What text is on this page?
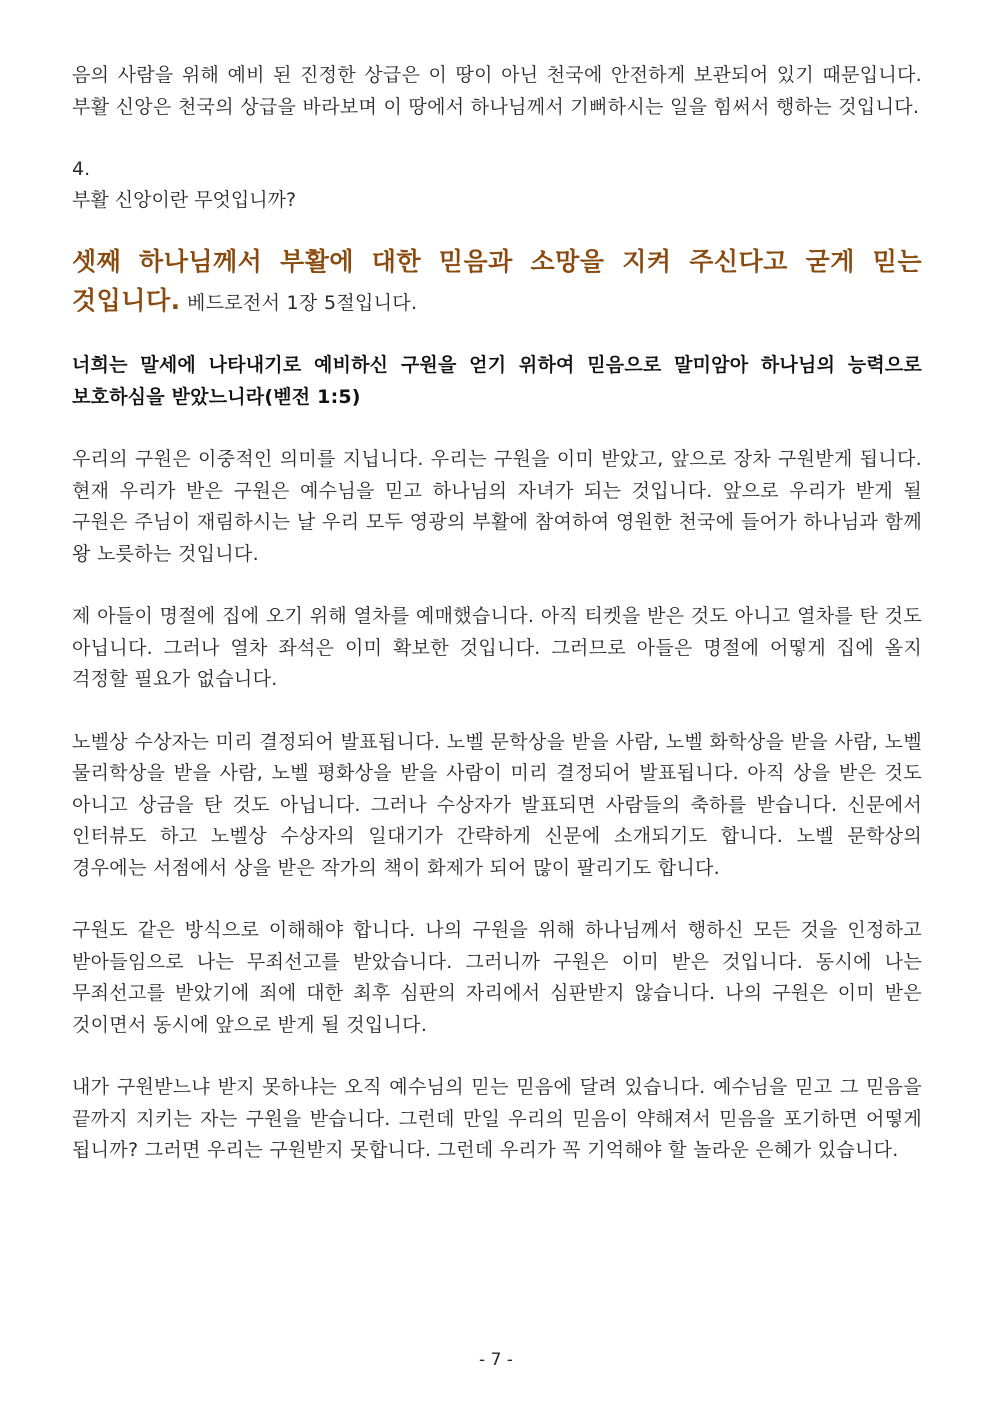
음의 사람을 위해 예비 된 진정한 상급은 이 땅이 아닌 천국에 안전하게 보관되어 있기 때문입니다. 부활 신앙은 천국의 상급을 바라보며 이 땅에서 하나님께서 기뻐하시는 일을 힘써서 행하는 것입니다.

4.

부활 신앙이란 무엇입니까?

셋째 하나님께서 부활에 대한 믿음과 소망을 지켜 주신다고 굳게 믿는 것입니다. 베드로전서 1장 5절입니다.

너희는 말세에 나타내기로 예비하신 구원을 얻기 위하여 믿음으로 말미암아 하나님의 능력으로 보호하심을 받았느니라(벧전 1:5)

우리의 구원은 이중적인 의미를 지닙니다. 우리는 구원을 이미 받았고, 앞으로 장차 구원받게 됩니다. 현재 우리가 받은 구원은 예수님을 믿고 하나님의 자녀가 되는 것입니다. 앞으로 우리가 받게 될 구원은 주님이 재림하시는 날 우리 모두 영광의 부활에 참여하여 영원한 천국에 들어가 하나님과 함께 왕 노릇하는 것입니다.

제 아들이 명절에 집에 오기 위해 열차를 예매했습니다. 아직 티켓을 받은 것도 아니고 열차를 탄 것도 아닙니다. 그러나 열차 좌석은 이미 확보한 것입니다. 그러므로 아들은 명절에 어떻게 집에 올지 걱정할 필요가 없습니다.

노벨상 수상자는 미리 결정되어 발표됩니다. 노벨 문학상을 받을 사람, 노벨 화학상을 받을 사람, 노벨 물리학상을 받을 사람, 노벨 평화상을 받을 사람이 미리 결정되어 발표됩니다. 아직 상을 받은 것도 아니고 상금을 탄 것도 아닙니다. 그러나 수상자가 발표되면 사람들의 축하를 받습니다. 신문에서 인터뷰도 하고 노벨상 수상자의 일대기가 간략하게 신문에 소개되기도 합니다. 노벨 문학상의 경우에는 서점에서 상을 받은 작가의 책이 화제가 되어 많이 팔리기도 합니다.

구원도 같은 방식으로 이해해야 합니다. 나의 구원을 위해 하나님께서 행하신 모든 것을 인정하고 받아들임으로 나는 무죄선고를 받았습니다. 그러니까 구원은 이미 받은 것입니다. 동시에 나는 무죄선고를 받았기에 죄에 대한 최후 심판의 자리에서 심판받지 않습니다. 나의 구원은 이미 받은 것이면서 동시에 앞으로 받게 될 것입니다.

내가 구원받느냐 받지 못하냐는 오직 예수님의 믿는 믿음에 달려 있습니다. 예수님을 믿고 그 믿음을 끝까지 지키는 자는 구원을 받습니다. 그런데 만일 우리의 믿음이 약해져서 믿음을 포기하면 어떻게 됩니까? 그러면 우리는 구원받지 못합니다. 그런데 우리가 꼭 기억해야 할 놀라운 은혜가 있습니다.

- 7 -
